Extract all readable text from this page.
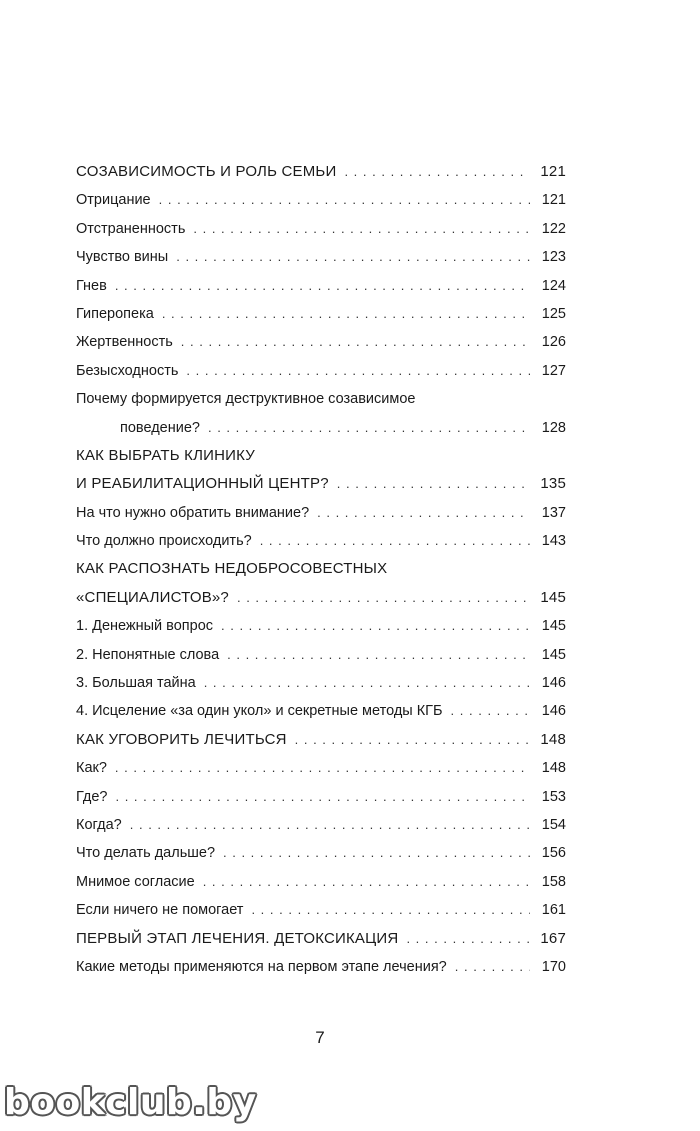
СОЗАВИСИМОСТЬ И РОЛЬ СЕМЬИ . . .	121
Отрицание . . .	121
Отстраненность . . .	122
Чувство вины . . .	123
Гнев . . .	124
Гиперопека . . .	125
Жертвенность . . .	126
Безысходность . . .	127
Почему формируется деструктивное созависимое
поведение? . . .	128
КАК ВЫБРАТЬ КЛИНИКУ
И РЕАБИЛИТАЦИОННЫЙ ЦЕНТР? . . .	135
На что нужно обратить внимание? . . .	137
Что должно происходить? . . .	143
КАК РАСПОЗНАТЬ НЕДОБРОСОВЕСТНЫХ
«СПЕЦИАЛИСТОВ»? . . .	145
1. Денежный вопрос . . .	145
2. Непонятные слова . . .	145
3. Большая тайна . . .	146
4. Исцеление «за один укол» и секретные методы КГБ . . .	146
КАК УГОВОРИТЬ ЛЕЧИТЬСЯ . . .	148
Как? . . .	148
Где? . . .	153
Когда? . . .	154
Что делать дальше? . . .	156
Мнимое согласие . . .	158
Если ничего не помогает . . .	161
ПЕРВЫЙ ЭТАП ЛЕЧЕНИЯ. ДЕТОКСИКАЦИЯ . . .	167
Какие методы применяются на первом этапе лечения? . . .	170
7
bookclub.by
